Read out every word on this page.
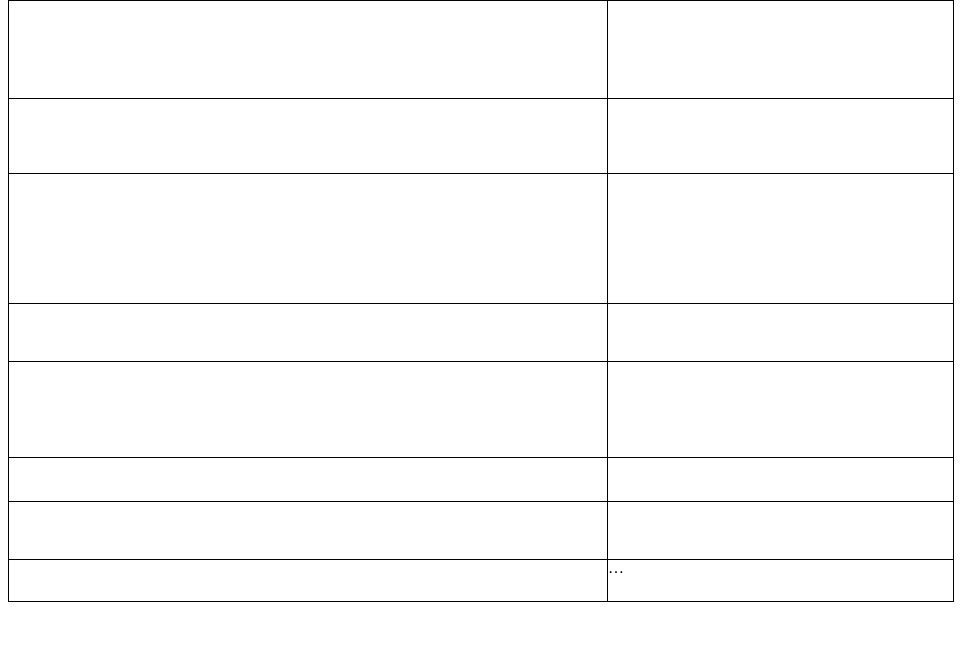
	…
